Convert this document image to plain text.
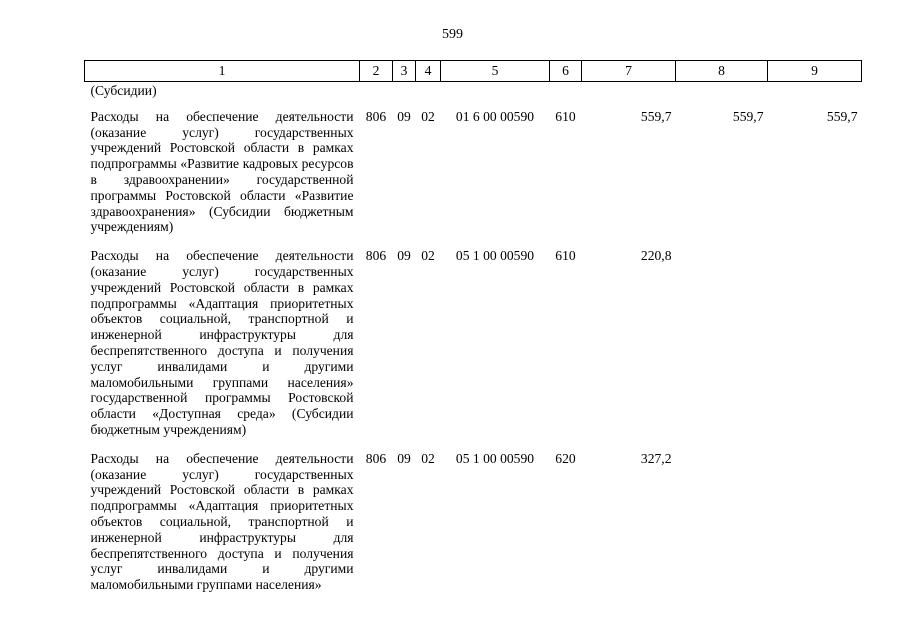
599
1	2	3	4	5	6	7	8	9
(Субсидии)								
Расходы на обеспечение деятельности (оказание услуг) государственных учреждений Ростовской области в рамках подпрограммы «Развитие кадровых ресурсов в здравоохранении» государственной программы Ростовской области «Развитие здравоохранения» (Субсидии бюджетным учреждениям)	806	09	02	01 6 00 00590	610	559,7	559,7	559,7
Расходы на обеспечение деятельности (оказание услуг) государственных учреждений Ростовской области в рамках подпрограммы «Адаптация приоритетных объектов социальной, транспортной и инженерной инфраструктуры для беспрепятственного доступа и получения услуг инвалидами и другими маломобильными группами населения» государственной программы Ростовской области «Доступная среда» (Субсидии бюджетным учреждениям)	806	09	02	05 1 00 00590	610	220,8		
Расходы на обеспечение деятельности (оказание услуг) государственных учреждений Ростовской области в рамках подпрограммы «Адаптация приоритетных объектов социальной, транспортной и инженерной инфраструктуры для беспрепятственного доступа и получения услуг инвалидами и другими маломобильными группами населения»	806	09	02	05 1 00 00590	620	327,2		
